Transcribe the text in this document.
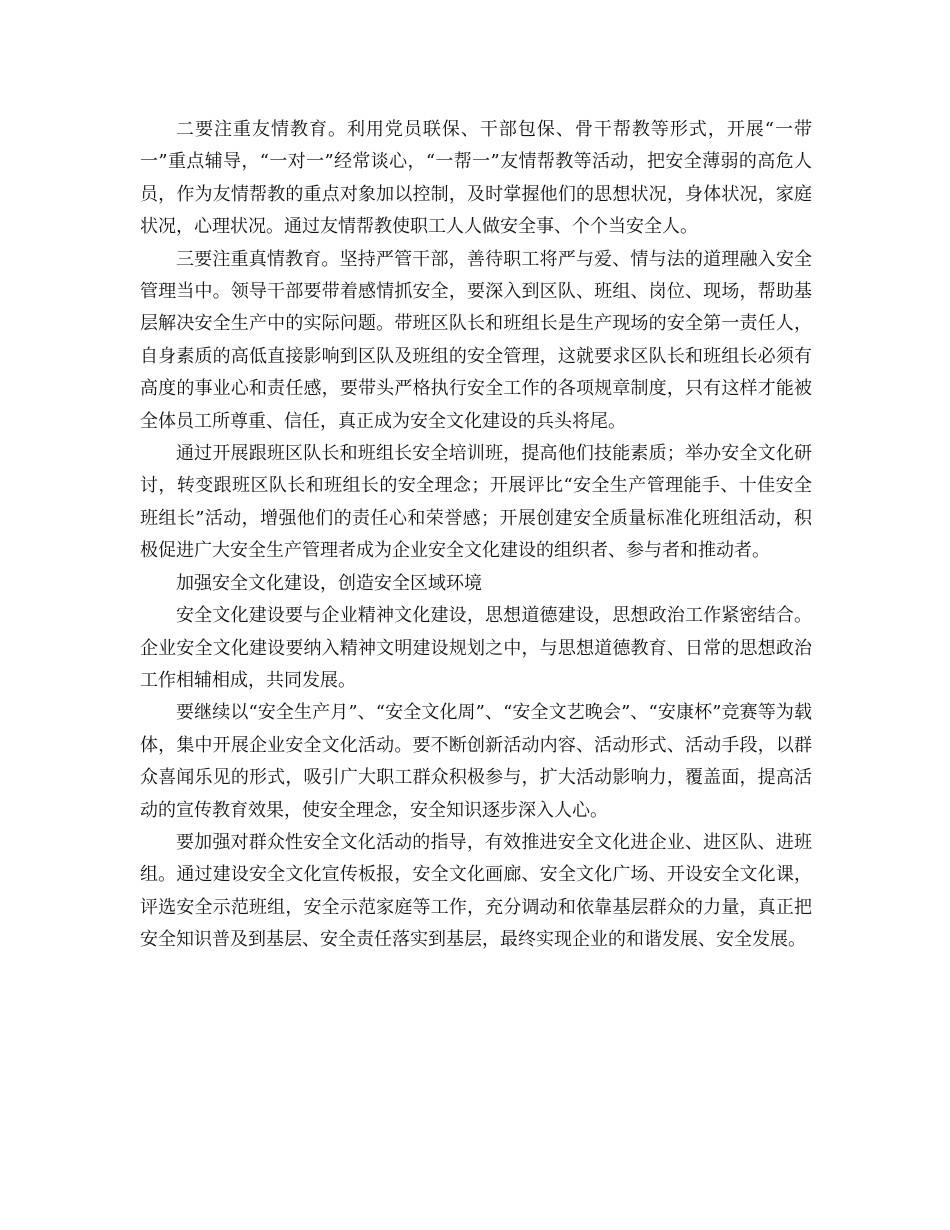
二要注重友情教育。利用党员联保、干部包保、骨干帮教等形式，开展“一带一”重点辅导，“一对一”经常谈心，“一帮一”友情帮教等活动，把安全薄弱的高危人员，作为友情帮教的重点对象加以控制，及时掌握他们的思想状况，身体状况，家庭状况，心理状况。通过友情帮教使职工人人做安全事、个个当安全人。

三要注重真情教育。坚持严管干部，善待职工将严与爱、情与法的道理融入安全管理当中。领导干部要带着感情抓安全，要深入到区队、班组、岗位、现场，帮助基层解决安全生产中的实际问题。带班区队长和班组长是生产现场的安全第一责任人，自身素质的高低直接影响到区队及班组的安全管理，这就要求区队长和班组长必须有高度的事业心和责任感，要带头严格执行安全工作的各项规章制度，只有这样才能被全体员工所尊重、信任，真正成为安全文化建设的兵头将尾。

通过开展跟班区队长和班组长安全培训班，提高他们技能素质；举办安全文化研讨，转变跟班区队长和班组长的安全理念；开展评比“安全生产管理能手、十佳安全班组长”活动，增强他们的责任心和荣誉感；开展创建安全质量标准化班组活动，积极促进广大安全生产管理者成为企业安全文化建设的组织者、参与者和推动者。

加强安全文化建设，创造安全区域环境

安全文化建设要与企业精神文化建设，思想道德建设，思想政治工作紧密结合。企业安全文化建设要纳入精神文明建设规划之中，与思想道德教育、日常的思想政治工作相辅相成，共同发展。

要继续以“安全生产月”、“安全文化周”、“安全文艺晚会”、“安康杯”竞赛等为载体，集中开展企业安全文化活动。要不断创新活动内容、活动形式、活动手段，以群众喜闻乐见的形式，吸引广大职工群众积极参与，扩大活动影响力，覆盖面，提高活动的宣传教育效果，使安全理念，安全知识逐步深入人心。

要加强对群众性安全文化活动的指导，有效推进安全文化进企业、进区队、进班组。通过建设安全文化宣传板报，安全文化画廊、安全文化广场、开设安全文化课，评选安全示范班组，安全示范家庭等工作，充分调动和依靠基层群众的力量，真正把安全知识普及到基层、安全责任落实到基层，最终实现企业的和谐发展、安全发展。
